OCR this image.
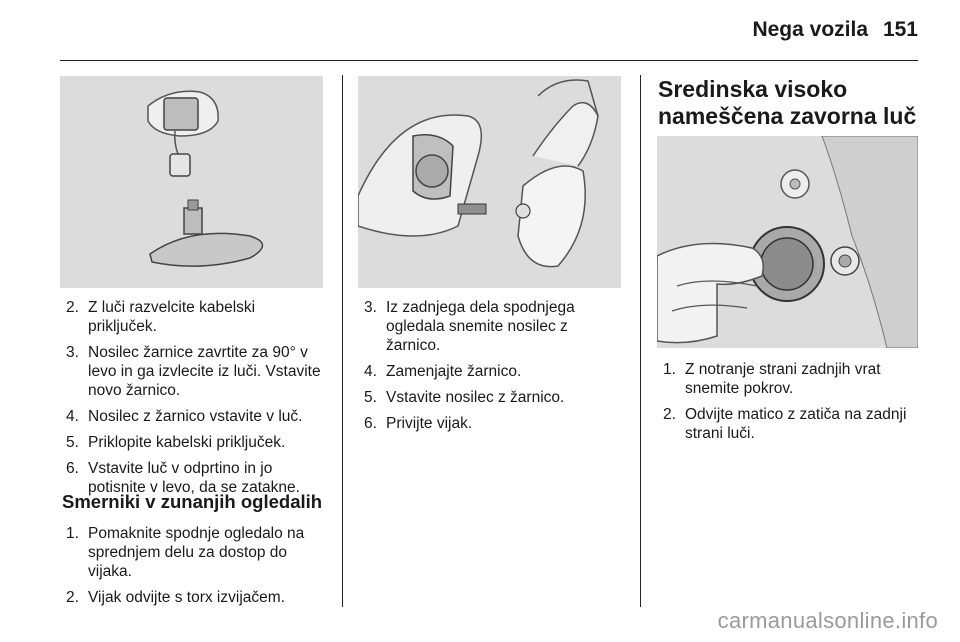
Nega vozila 151
2 . Z luči razvelcite kabelski priključek.
3 . Nosilec žarnice zavrtite za 90° v levo in ga izvlecite iz luči. Vstavite novo žarnico.
4 . Nosilec z žarnico vstavite v luč.
5 . Priklopite kabelski priključek.
6 . Vstavite luč v odprtino in jo potisnite v levo, da se zatakne.
Smerniki v zunanjih ogledalih
1 . Pomaknite spodnje ogledalo na sprednjem delu za dostop do vijaka.
2 . Vijak odvijte s torx izvijačem.
3 . Iz zadnjega dela spodnjega ogledala snemite nosilec z žarnico.
4 . Zamenjajte žarnico.
5 . Vstavite nosilec z žarnico.
6 . Privijte vijak.
Sredinska visoko nameščena zavorna luč
1 . Z notranje strani zadnjih vrat snemite pokrov.
2 . Odvijte matico z zatiča na zadnji strani luči.
carmanualsonline.info
